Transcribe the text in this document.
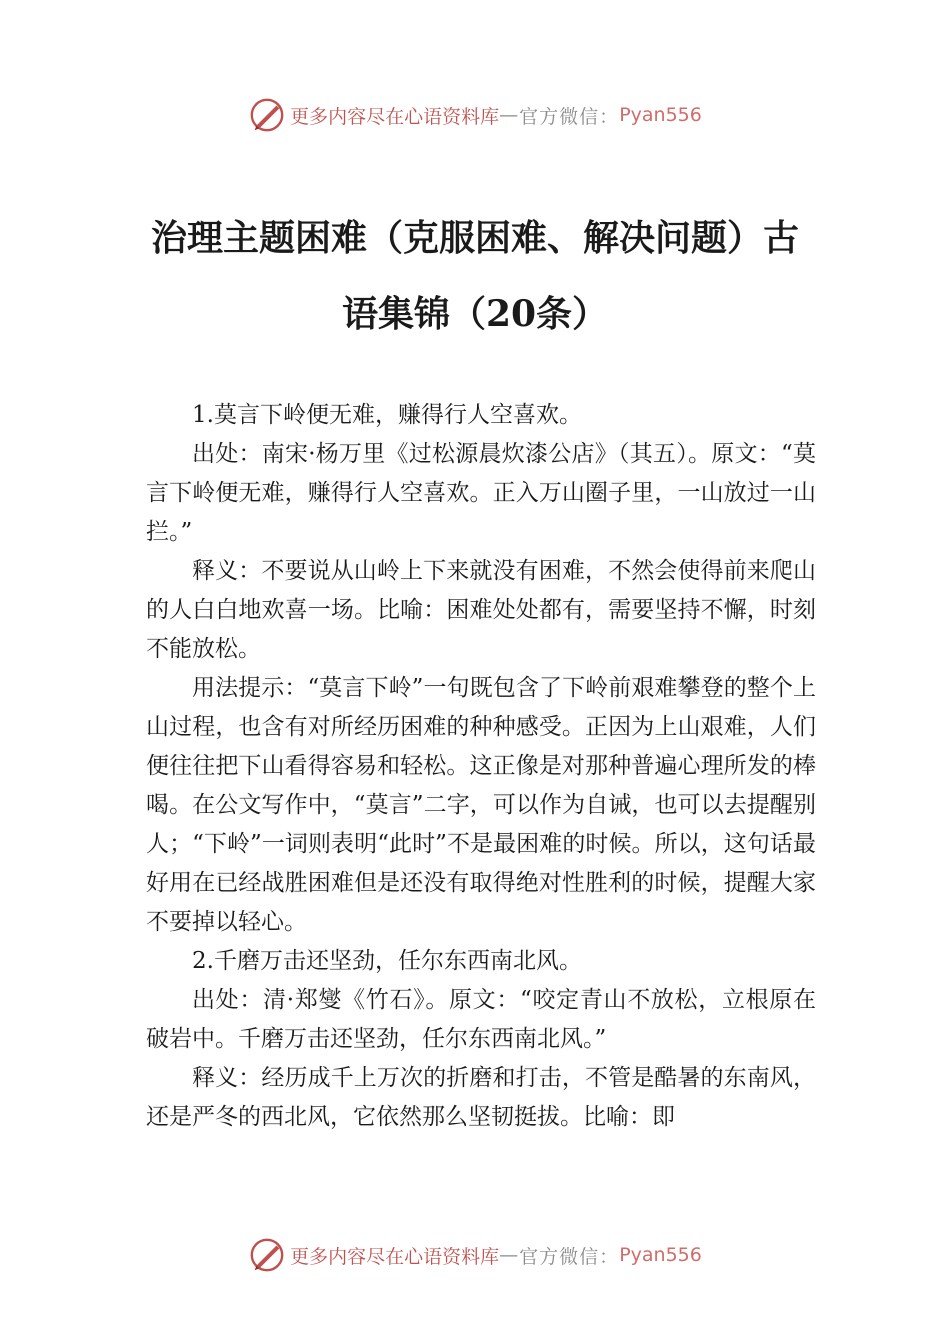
更多内容尽在心语资料库 — 官方微信： Pyan556
治理主题困难（克服困难、解决问题）古
语集锦（20条）

1.莫言下岭便无难，赚得行人空喜欢。

出处：南宋·杨万里《过松源晨炊漆公店》（其五）。原文：“莫言下岭便无难，赚得行人空喜欢。正入万山圈子里，一山放过一山拦。”

释义：不要说从山岭上下来就没有困难，不然会使得前来爬山的人白白地欢喜一场。比喻：困难处处都有，需要坚持不懈，时刻不能放松。

用法提示：“莫言下岭”一句既包含了下岭前艰难攀登的整个上山过程，也含有对所经历困难的种种感受。正因为上山艰难，人们便往往把下山看得容易和轻松。这正像是对那种普遍心理所发的棒喝。在公文写作中，“莫言”二字，可以作为自诫，也可以去提醒别人；“下岭”一词则表明“此时”不是最困难的时候。所以，这句话最好用在已经战胜困难但是还没有取得绝对性胜利的时候，提醒大家不要掉以轻心。

2.千磨万击还坚劲，任尔东西南北风。

出处：清·郑燮《竹石》。原文：“咬定青山不放松，立根原在破岩中。千磨万击还坚劲，任尔东西南北风。”

释义：经历成千上万次的折磨和打击，不管是酷暑的东南风，还是严冬的西北风，它依然那么坚韧挺拔。比喻：即

更多内容尽在心语资料库 — 官方微信： Pyan556
